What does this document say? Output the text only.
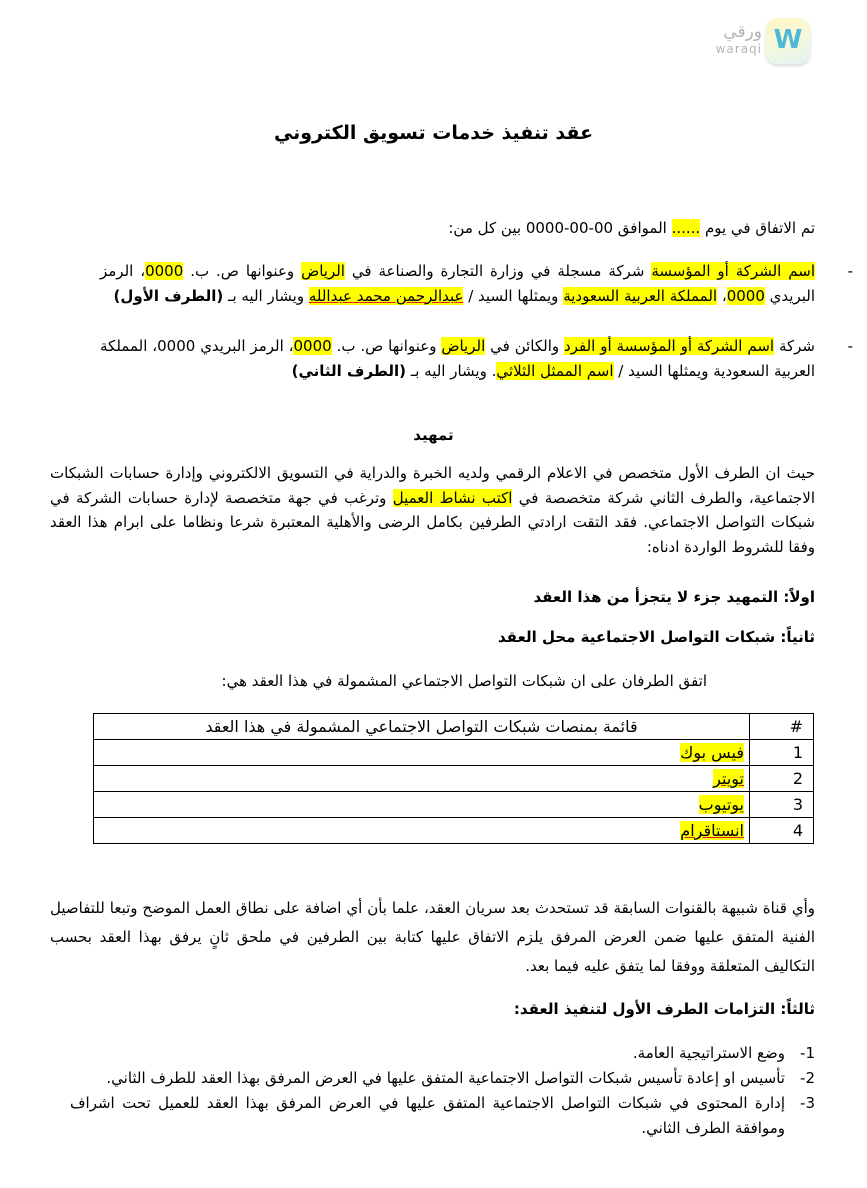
ورقي
waraqi W
عقد تنفيذ خدمات تسويق الكتروني
تم الاتفاق في يوم ...... الموافق 00-00-0000 بين كل من:
-
اسم الشركة أو المؤسسة شركة مسجلة في وزارة التجارة والصناعة في الرياض وعنوانها ص. ب. 0000، الرمز البريدي 0000، المملكة العربية السعودية ويمثلها السيد / عبدالرحمن محمد عبدالله ويشار اليه بـ (الطرف الأول)
-
شركة اسم الشركة أو المؤسسة أو الفرد والكائن في الرياض وعنوانها ص. ب. 0000، الرمز البريدي 0000، المملكة العربية السعودية ويمثلها السيد / اسم الممثل الثلاثي. ويشار اليه بـ (الطرف الثاني)
تمهيد
حيث ان الطرف الأول متخصص في الاعلام الرقمي ولديه الخبرة والدراية في التسويق الالكتروني وإدارة حسابات الشبكات الاجتماعية، والطرف الثاني شركة متخصصة في اكتب نشاط العميل وترغب في جهة متخصصة لإدارة حسابات الشركة في شبكات التواصل الاجتماعي. فقد التقت ارادتي الطرفين بكامل الرضى والأهلية المعتبرة شرعا ونظاما على ابرام هذا العقد وفقا للشروط الواردة ادناه:
اولاً: التمهيد جزء لا يتجزأ من هذا العقد
ثانياً: شبكات التواصل الاجتماعية محل العقد
اتفق الطرفان على ان شبكات التواصل الاجتماعي المشمولة في هذا العقد هي:
#	قائمة بمنصات شبكات التواصل الاجتماعي المشمولة في هذا العقد
1	فيس بوك
2	تويتر
3	يوتيوب
4	انستاقرام
وأي قناة شبيهة بالقنوات السابقة قد تستحدث بعد سريان العقد، علما بأن أي اضافة على نطاق العمل الموضح وتبعا للتفاصيل الفنية المتفق عليها ضمن العرض المرفق يلزم الاتفاق عليها كتابة بين الطرفين في ملحق ثانٍ يرفق بهذا العقد بحسب التكاليف المتعلقة ووفقا لما يتفق عليه فيما بعد.
ثالثاً: التزامات الطرف الأول لتنفيذ العقد:
1-
وضع الاستراتيجية العامة.
2-
تأسيس او إعادة تأسيس شبكات التواصل الاجتماعية المتفق عليها في العرض المرفق بهذا العقد للطرف الثاني.
3-
إدارة المحتوى في شبكات التواصل الاجتماعية المتفق عليها في العرض المرفق بهذا العقد للعميل تحت اشراف وموافقة الطرف الثاني.
